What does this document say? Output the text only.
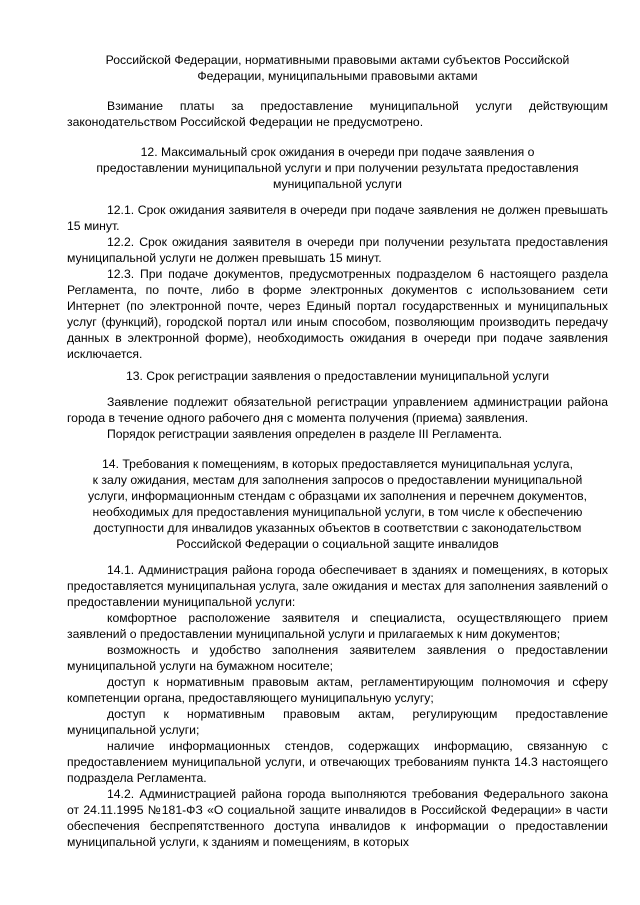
Российской Федерации, нормативными правовыми актами субъектов Российской
Федерации, муниципальными правовыми актами

Взимание платы за предоставление муниципальной услуги действующим законодательством Российской Федерации не предусмотрено.

12. Максимальный срок ожидания в очереди при подаче заявления о
предоставлении муниципальной услуги и при получении результата предоставления
муниципальной услуги

12.1. Срок ожидания заявителя в очереди при подаче заявления не должен превышать 15 минут.

12.2. Срок ожидания заявителя в очереди при получении результата предоставления муниципальной услуги не должен превышать 15 минут.

12.3. При подаче документов, предусмотренных подразделом 6 настоящего раздела Регламента, по почте, либо в форме электронных документов с использованием сети Интернет (по электронной почте, через Единый портал государственных и муниципальных услуг (функций), городской портал или иным способом, позволяющим производить передачу данных в электронной форме), необходимость ожидания в очереди при подаче заявления исключается.

13. Срок регистрации заявления о предоставлении муниципальной услуги

Заявление подлежит обязательной регистрации управлением администрации района города в течение одного рабочего дня с момента получения (приема) заявления.

Порядок регистрации заявления определен в разделе III Регламента.

14. Требования к помещениям, в которых предоставляется муниципальная услуга,
к залу ожидания, местам для заполнения запросов о предоставлении муниципальной
услуги, информационным стендам с образцами их заполнения и перечнем документов,
необходимых для предоставления муниципальной услуги, в том числе к обеспечению
доступности для инвалидов указанных объектов в соответствии с законодательством
Российской Федерации о социальной защите инвалидов

14.1. Администрация района города обеспечивает в зданиях и помещениях, в которых предоставляется муниципальная услуга, зале ожидания и местах для заполнения заявлений о предоставлении муниципальной услуги:

комфортное расположение заявителя и специалиста, осуществляющего прием заявлений о предоставлении муниципальной услуги и прилагаемых к ним документов;

возможность и удобство заполнения заявителем заявления о предоставлении муниципальной услуги на бумажном носителе;

доступ к нормативным правовым актам, регламентирующим полномочия и сферу компетенции органа, предоставляющего муниципальную услугу;

доступ к нормативным правовым актам, регулирующим предоставление муниципальной услуги;

наличие информационных стендов, содержащих информацию, связанную с предоставлением муниципальной услуги, и отвечающих требованиям пункта 14.3 настоящего подраздела Регламента.

14.2. Администрацией района города выполняются требования Федерального закона от 24.11.1995 №181-ФЗ «О социальной защите инвалидов в Российской Федерации» в части обеспечения беспрепятственного доступа инвалидов к информации о предоставлении муниципальной услуги, к зданиям и помещениям, в которых
